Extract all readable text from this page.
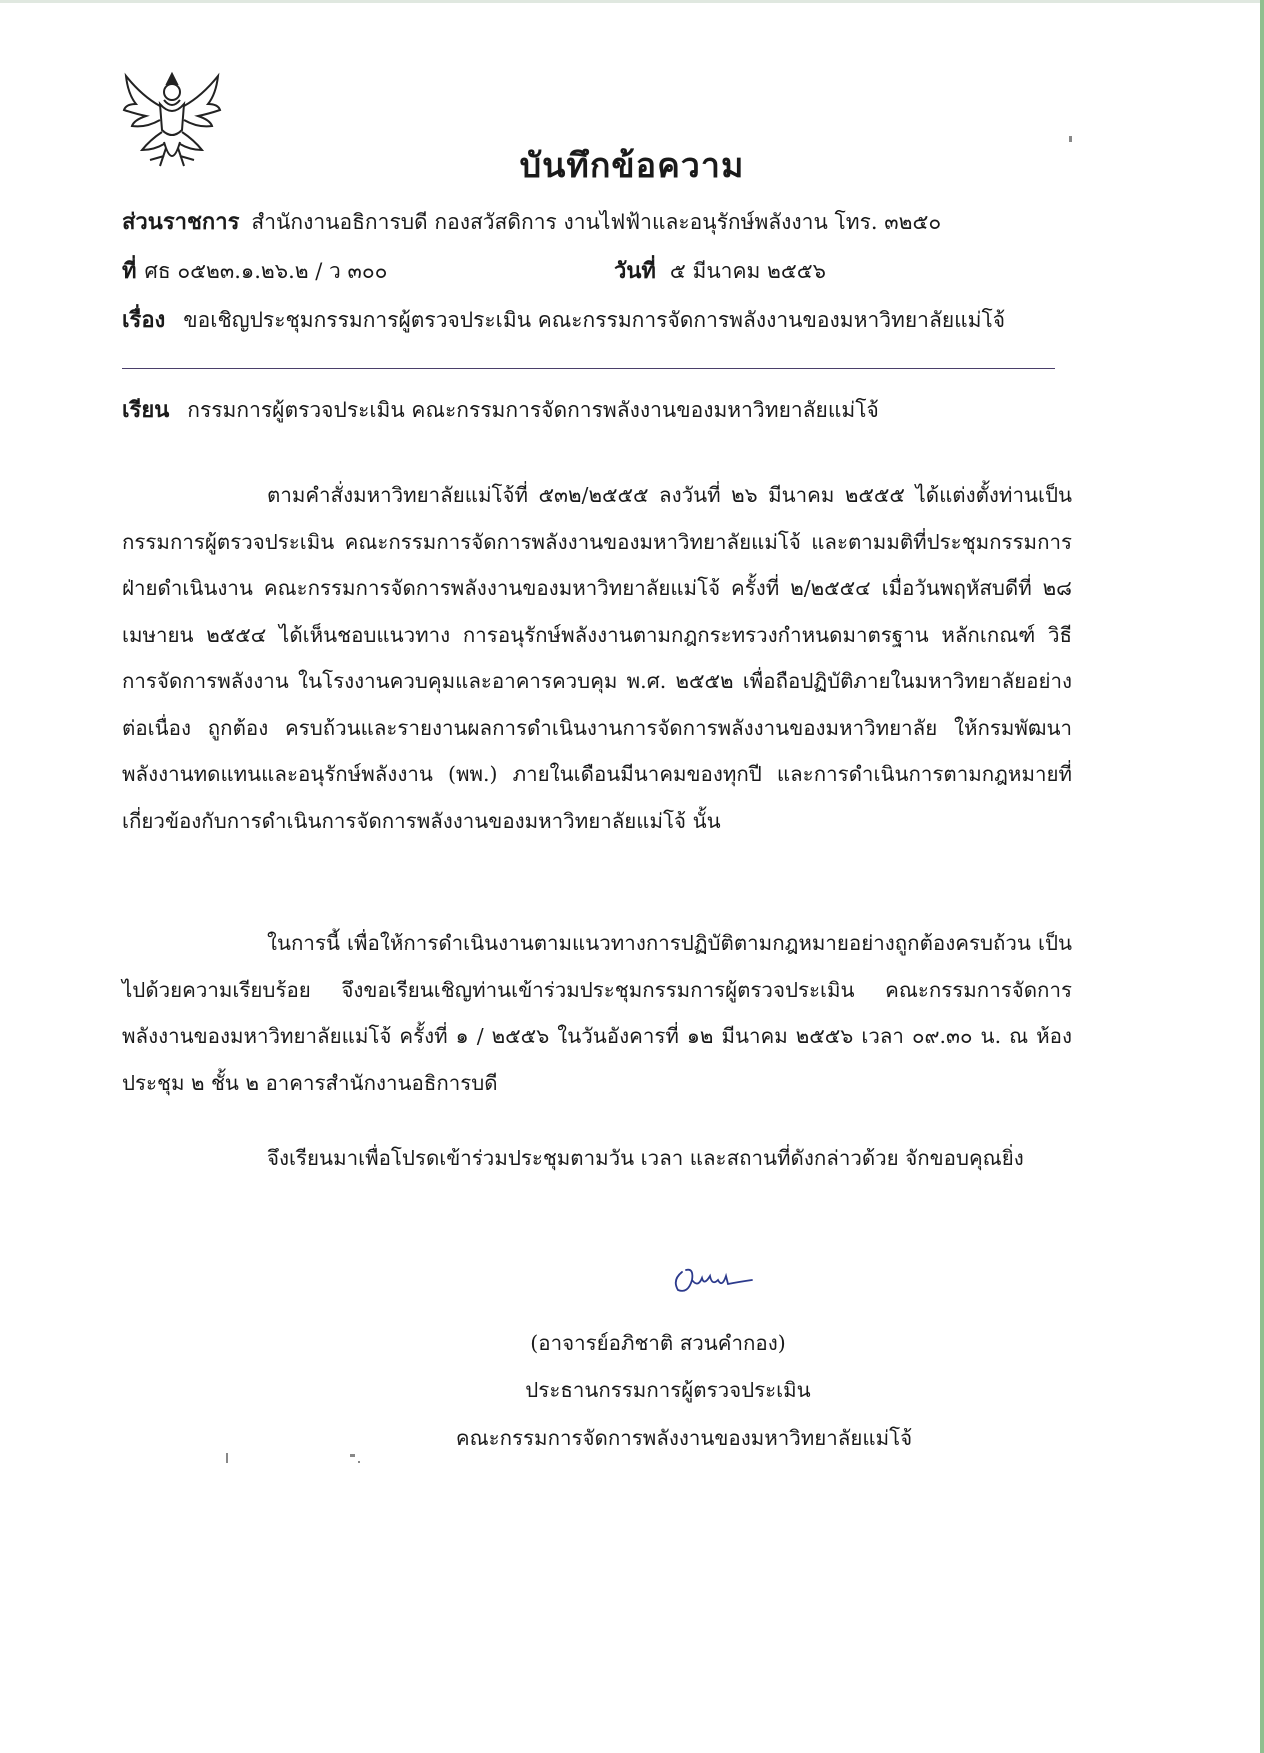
บันทึกข้อความ
ส่วนราชการ สำนักงานอธิการบดี กองสวัสดิการ งานไฟฟ้าและอนุรักษ์พลังงาน โทร. ๓๒๕๐
ที่ ศธ ๐๕๒๓.๑.๒๖.๒ / ว ๓๐๐	วันที่ ๕ มีนาคม ๒๕๕๖
เรื่อง ขอเชิญประชุมกรรมการผู้ตรวจประเมิน คณะกรรมการจัดการพลังงานของมหาวิทยาลัยแม่โจ้
เรียน กรรมการผู้ตรวจประเมิน คณะกรรมการจัดการพลังงานของมหาวิทยาลัยแม่โจ้
ตามคำสั่งมหาวิทยาลัยแม่โจ้ที่ ๕๓๒/๒๕๕๕ ลงวันที่ ๒๖ มีนาคม ๒๕๕๕ ได้แต่งตั้งท่านเป็นกรรมการผู้ตรวจประเมิน คณะกรรมการจัดการพลังงานของมหาวิทยาลัยแม่โจ้ และตามมติที่ประชุมกรรมการฝ่ายดำเนินงาน คณะกรรมการจัดการพลังงานของมหาวิทยาลัยแม่โจ้ ครั้งที่ ๒/๒๕๕๔ เมื่อวันพฤหัสบดีที่ ๒๘ เมษายน ๒๕๕๔ ได้เห็นชอบแนวทาง การอนุรักษ์พลังงานตามกฎกระทรวงกำหนดมาตรฐาน หลักเกณฑ์ วิธีการจัดการพลังงาน ในโรงงานควบคุมและอาคารควบคุม พ.ศ. ๒๕๕๒ เพื่อถือปฏิบัติภายในมหาวิทยาลัยอย่างต่อเนื่อง ถูกต้อง ครบถ้วนและรายงานผลการดำเนินงานการจัดการพลังงานของมหาวิทยาลัย ให้กรมพัฒนาพลังงานทดแทนและอนุรักษ์พลังงาน (พพ.) ภายในเดือนมีนาคมของทุกปี และการดำเนินการตามกฎหมายที่เกี่ยวข้องกับการดำเนินการจัดการพลังงานของมหาวิทยาลัยแม่โจ้ นั้น
ในการนี้ เพื่อให้การดำเนินงานตามแนวทางการปฏิบัติตามกฎหมายอย่างถูกต้องครบถ้วน เป็นไปด้วยความเรียบร้อย จึงขอเรียนเชิญท่านเข้าร่วมประชุมกรรมการผู้ตรวจประเมิน คณะกรรมการจัดการพลังงานของมหาวิทยาลัยแม่โจ้ ครั้งที่ ๑ / ๒๕๕๖ ในวันอังคารที่ ๑๒ มีนาคม ๒๕๕๖ เวลา ๐๙.๓๐ น. ณ ห้องประชุม ๒ ชั้น ๒ อาคารสำนักงานอธิการบดี
จึงเรียนมาเพื่อโปรดเข้าร่วมประชุมตามวัน เวลา และสถานที่ดังกล่าวด้วย จักขอบคุณยิ่ง
(อาจารย์อภิชาติ สวนคำกอง)
ประธานกรรมการผู้ตรวจประเมิน
คณะกรรมการจัดการพลังงานของมหาวิทยาลัยแม่โจ้
